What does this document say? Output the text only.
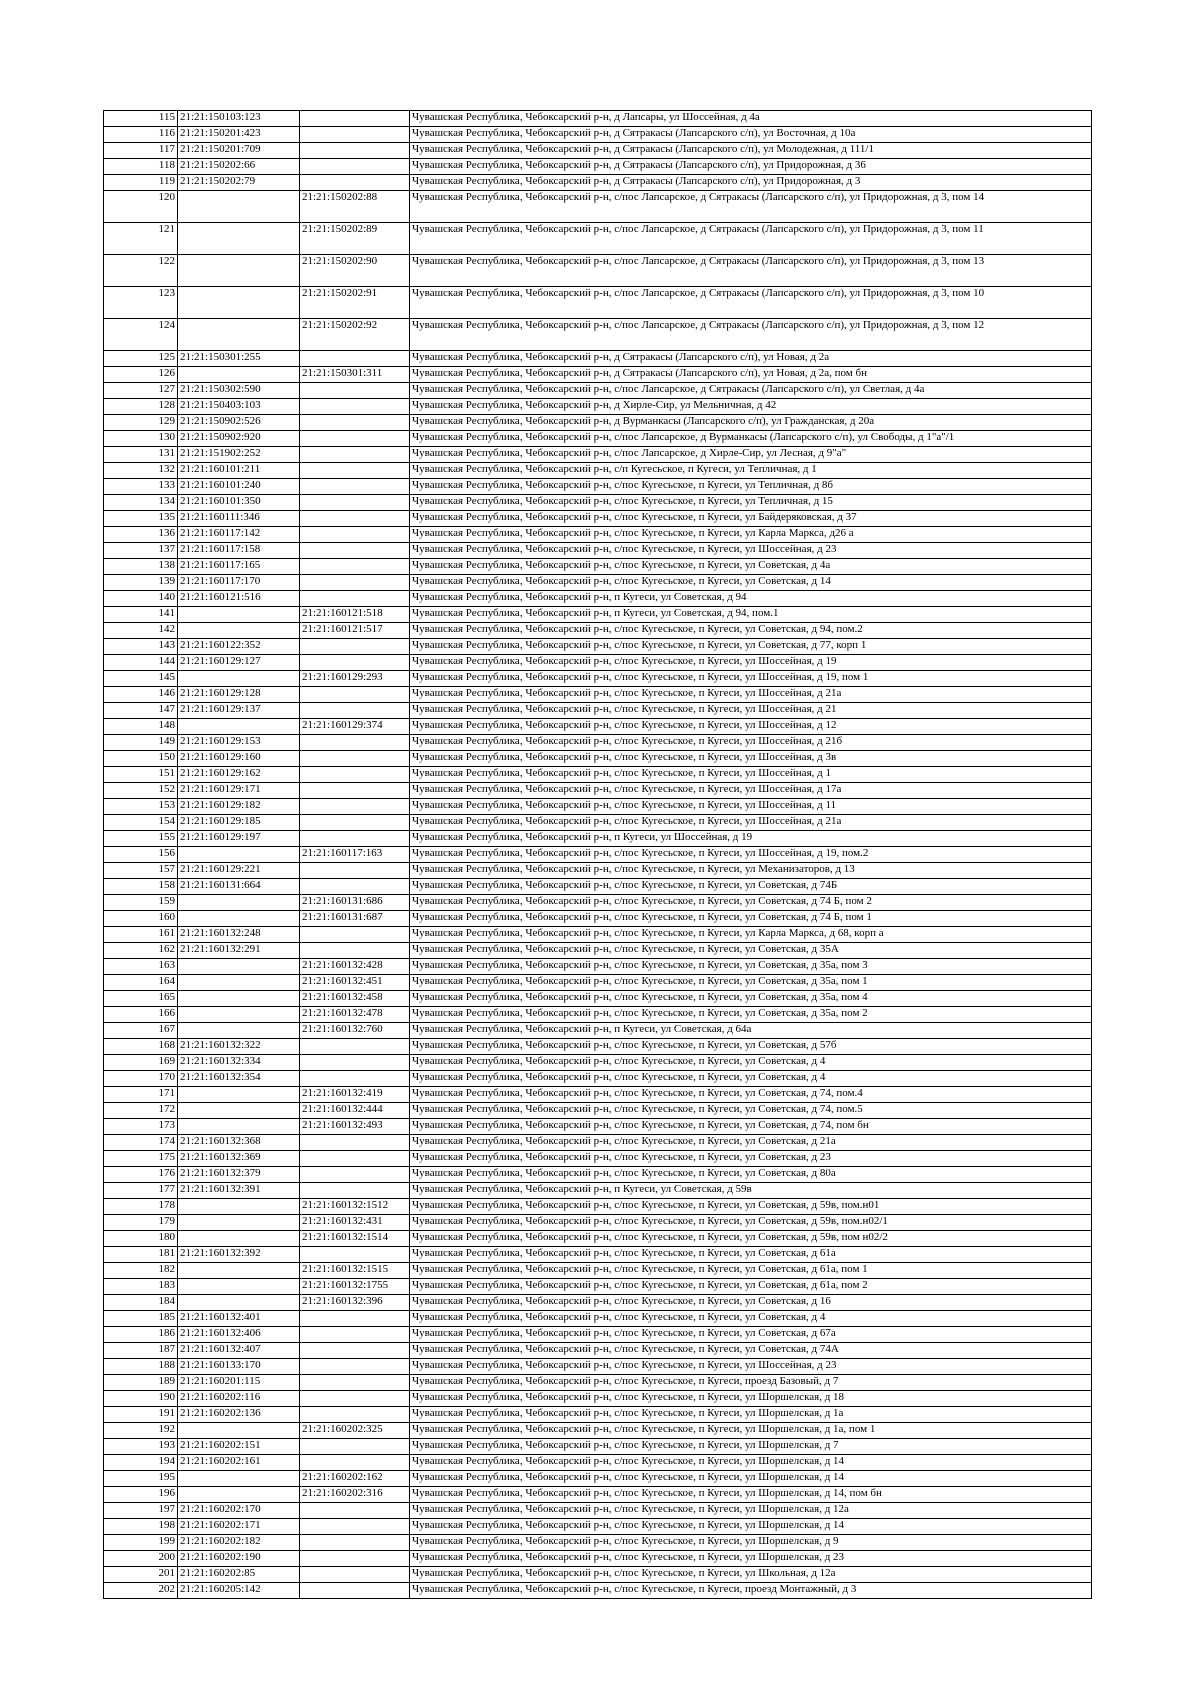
115	21:21:150103:123		Чувашская Республика, Чебоксарский р-н, д Лапсары, ул Шоссейная, д 4а
116	21:21:150201:423		Чувашская Республика, Чебоксарский р-н, д Сятракасы (Лапсарского с/п), ул Восточная, д 10а
117	21:21:150201:709		Чувашская Республика, Чебоксарский р-н, д Сятракасы (Лапсарского с/п), ул Молодежная, д 111/1
118	21:21:150202:66		Чувашская Республика, Чебоксарский р-н, д Сятракасы (Лапсарского с/п), ул Придорожная, д 36
119	21:21:150202:79		Чувашская Республика, Чебоксарский р-н, д Сятракасы (Лапсарского с/п), ул Придорожная, д 3
120		21:21:150202:88	Чувашская Республика, Чебоксарский р-н, с/пос Лапсарское, д Сятракасы (Лапсарского с/п), ул Придорожная, д 3, пом 14
121		21:21:150202:89	Чувашская Республика, Чебоксарский р-н, с/пос Лапсарское, д Сятракасы (Лапсарского с/п), ул Придорожная, д 3, пом 11
122		21:21:150202:90	Чувашская Республика, Чебоксарский р-н, с/пос Лапсарское, д Сятракасы (Лапсарского с/п), ул Придорожная, д 3, пом 13
123		21:21:150202:91	Чувашская Республика, Чебоксарский р-н, с/пос Лапсарское, д Сятракасы (Лапсарского с/п), ул Придорожная, д 3, пом 10
124		21:21:150202:92	Чувашская Республика, Чебоксарский р-н, с/пос Лапсарское, д Сятракасы (Лапсарского с/п), ул Придорожная, д 3, пом 12
125	21:21:150301:255		Чувашская Республика, Чебоксарский р-н, д Сятракасы (Лапсарского с/п), ул Новая, д 2а
126		21:21:150301:311	Чувашская Республика, Чебоксарский р-н, д Сятракасы (Лапсарского с/п), ул Новая, д 2а, пом бн
127	21:21:150302:590		Чувашская Республика, Чебоксарский р-н, с/пос Лапсарское, д Сятракасы (Лапсарского с/п), ул Светлая, д 4а
128	21:21:150403:103		Чувашская Республика, Чебоксарский р-н, д Хирле-Сир, ул Мельничная, д 42
129	21:21:150902:526		Чувашская Республика, Чебоксарский р-н, д Вурманкасы (Лапсарского с/п), ул Гражданская, д 20а
130	21:21:150902:920		Чувашская Республика, Чебоксарский р-н, с/пос Лапсарское, д Вурманкасы (Лапсарского с/п), ул Свободы, д 1"а"/1
131	21:21:151902:252		Чувашская Республика, Чебоксарский р-н, с/пос Лапсарское, д Хирле-Сир, ул Лесная, д 9"а"
132	21:21:160101:211		Чувашская Республика, Чебоксарский р-н, с/п Кугесьское, п Кугеси, ул Тепличная, д 1
133	21:21:160101:240		Чувашская Республика, Чебоксарский р-н, с/пос Кугесьское, п Кугеси, ул Тепличная, д 8б
134	21:21:160101:350		Чувашская Республика, Чебоксарский р-н, с/пос Кугесьское, п Кугеси, ул Тепличная, д 15
135	21:21:160111:346		Чувашская Республика, Чебоксарский р-н, с/пос Кугесьское, п Кугеси, ул Байдеряковская, д 37
136	21:21:160117:142		Чувашская Республика, Чебоксарский р-н, с/пос Кугесьское, п Кугеси, ул Карла Маркса, д26 а
137	21:21:160117:158		Чувашская Республика, Чебоксарский р-н, с/пос Кугесьское, п Кугеси, ул Шоссейная, д 23
138	21:21:160117:165		Чувашская Республика, Чебоксарский р-н, с/пос Кугесьское, п Кугеси, ул Советская, д 4а
139	21:21:160117:170		Чувашская Республика, Чебоксарский р-н, с/пос Кугесьское, п Кугеси, ул Советская, д 14
140	21:21:160121:516		Чувашская Республика, Чебоксарский р-н, п Кугеси, ул Советская, д 94
141		21:21:160121:518	Чувашская Республика, Чебоксарский р-н, п Кугеси, ул Советская, д 94, пом.1
142		21:21:160121:517	Чувашская Республика, Чебоксарский р-н, с/пос Кугесьское, п Кугеси, ул Советская, д 94, пом.2
143	21:21:160122:352		Чувашская Республика, Чебоксарский р-н, с/пос Кугесьское, п Кугеси, ул Советская, д 77, корп 1
144	21:21:160129:127		Чувашская Республика, Чебоксарский р-н, с/пос Кугесьское, п Кугеси, ул Шоссейная, д 19
145		21:21:160129:293	Чувашская Республика, Чебоксарский р-н, с/пос Кугесьское, п Кугеси, ул Шоссейная, д 19, пом 1
146	21:21:160129:128		Чувашская Республика, Чебоксарский р-н, с/пос Кугесьское, п Кугеси, ул Шоссейная, д 21а
147	21:21:160129:137		Чувашская Республика, Чебоксарский р-н, с/пос Кугесьское, п Кугеси, ул Шоссейная, д 21
148		21:21:160129:374	Чувашская Республика, Чебоксарский р-н, с/пос Кугесьское, п Кугеси, ул Шоссейная, д 12
149	21:21:160129:153		Чувашская Республика, Чебоксарский р-н, с/пос Кугесьское, п Кугеси, ул Шоссейная, д 21б
150	21:21:160129:160		Чувашская Республика, Чебоксарский р-н, с/пос Кугесьское, п Кугеси, ул Шоссейная, д 3в
151	21:21:160129:162		Чувашская Республика, Чебоксарский р-н, с/пос Кугесьское, п Кугеси, ул Шоссейная, д 1
152	21:21:160129:171		Чувашская Республика, Чебоксарский р-н, с/пос Кугесьское, п Кугеси, ул Шоссейная, д 17а
153	21:21:160129:182		Чувашская Республика, Чебоксарский р-н, с/пос Кугесьское, п Кугеси, ул Шоссейная, д 11
154	21:21:160129:185		Чувашская Республика, Чебоксарский р-н, с/пос Кугесьское, п Кугеси, ул Шоссейная, д 21а
155	21:21:160129:197		Чувашская Республика, Чебоксарский р-н, п Кугеси, ул Шоссейная, д 19
156		21:21:160117:163	Чувашская Республика, Чебоксарский р-н, с/пос Кугесьское, п Кугеси, ул Шоссейная, д 19, пом.2
157	21:21:160129:221		Чувашская Республика, Чебоксарский р-н, с/пос Кугесьское, п Кугеси, ул Механизаторов, д 13
158	21:21:160131:664		Чувашская Республика, Чебоксарский р-н, с/пос Кугесьское, п Кугеси, ул Советская, д 74Б
159		21:21:160131:686	Чувашская Республика, Чебоксарский р-н, с/пос Кугесьское, п Кугеси, ул Советская, д 74 Б, пом 2
160		21:21:160131:687	Чувашская Республика, Чебоксарский р-н, с/пос Кугесьское, п Кугеси, ул Советская, д 74 Б, пом 1
161	21:21:160132:248		Чувашская Республика, Чебоксарский р-н, с/пос Кугесьское, п Кугеси, ул Карла Маркса, д 68, корп а
162	21:21:160132:291		Чувашская Республика, Чебоксарский р-н, с/пос Кугесьское, п Кугеси, ул Советская, д 35А
163		21:21:160132:428	Чувашская Республика, Чебоксарский р-н, с/пос Кугесьское, п Кугеси, ул Советская, д 35а, пом 3
164		21:21:160132:451	Чувашская Республика, Чебоксарский р-н, с/пос Кугесьское, п Кугеси, ул Советская, д 35а, пом 1
165		21:21:160132:458	Чувашская Республика, Чебоксарский р-н, с/пос Кугесьское, п Кугеси, ул Советская, д 35а, пом 4
166		21:21:160132:478	Чувашская Республика, Чебоксарский р-н, с/пос Кугесьское, п Кугеси, ул Советская, д 35а, пом 2
167		21:21:160132:760	Чувашская Республика, Чебоксарский р-н, п Кугеси, ул Советская, д 64а
168	21:21:160132:322		Чувашская Республика, Чебоксарский р-н, с/пос Кугесьское, п Кугеси, ул Советская, д 57б
169	21:21:160132:334		Чувашская Республика, Чебоксарский р-н, с/пос Кугесьское, п Кугеси, ул Советская, д 4
170	21:21:160132:354		Чувашская Республика, Чебоксарский р-н, с/пос Кугесьское, п Кугеси, ул Советская, д 4
171		21:21:160132:419	Чувашская Республика, Чебоксарский р-н, с/пос Кугесьское, п Кугеси, ул Советская, д 74, пом.4
172		21:21:160132:444	Чувашская Республика, Чебоксарский р-н, с/пос Кугесьское, п Кугеси, ул Советская, д 74, пом.5
173		21:21:160132:493	Чувашская Республика, Чебоксарский р-н, с/пос Кугесьское, п Кугеси, ул Советская, д 74, пом бн
174	21:21:160132:368		Чувашская Республика, Чебоксарский р-н, с/пос Кугесьское, п Кугеси, ул Советская, д 21а
175	21:21:160132:369		Чувашская Республика, Чебоксарский р-н, с/пос Кугесьское, п Кугеси, ул Советская, д 23
176	21:21:160132:379		Чувашская Республика, Чебоксарский р-н, с/пос Кугесьское, п Кугеси, ул Советская, д 80а
177	21:21:160132:391		Чувашская Республика, Чебоксарский р-н, п Кугеси, ул Советская, д 59в
178		21:21:160132:1512	Чувашская Республика, Чебоксарский р-н, с/пос Кугесьское, п Кугеси, ул Советская, д 59в, пом.н01
179		21:21:160132:431	Чувашская Республика, Чебоксарский р-н, с/пос Кугесьское, п Кугеси, ул Советская, д 59в, пом.н02/1
180		21:21:160132:1514	Чувашская Республика, Чебоксарский р-н, с/пос Кугесьское, п Кугеси, ул Советская, д 59в, пом н02/2
181	21:21:160132:392		Чувашская Республика, Чебоксарский р-н, с/пос Кугесьское, п Кугеси, ул Советская, д 61а
182		21:21:160132:1515	Чувашская Республика, Чебоксарский р-н, с/пос Кугесьское, п Кугеси, ул Советская, д 61а, пом 1
183		21:21:160132:1755	Чувашская Республика, Чебоксарский р-н, с/пос Кугесьское, п Кугеси, ул Советская, д 61а, пом 2
184		21:21:160132:396	Чувашская Республика, Чебоксарский р-н, с/пос Кугесьское, п Кугеси, ул Советская, д 16
185	21:21:160132:401		Чувашская Республика, Чебоксарский р-н, с/пос Кугесьское, п Кугеси, ул Советская, д 4
186	21:21:160132:406		Чувашская Республика, Чебоксарский р-н, с/пос Кугесьское, п Кугеси, ул Советская, д 67а
187	21:21:160132:407		Чувашская Республика, Чебоксарский р-н, с/пос Кугесьское, п Кугеси, ул Советская, д 74А
188	21:21:160133:170		Чувашская Республика, Чебоксарский р-н, с/пос Кугесьское, п Кугеси, ул Шоссейная, д 23
189	21:21:160201:115		Чувашская Республика, Чебоксарский р-н, с/пос Кугесьское, п Кугеси, проезд Базовый, д 7
190	21:21:160202:116		Чувашская Республика, Чебоксарский р-н, с/пос Кугесьское, п Кугеси, ул Шоршелская, д 18
191	21:21:160202:136		Чувашская Республика, Чебоксарский р-н, с/пос Кугесьское, п Кугеси, ул Шоршелская, д 1а
192		21:21:160202:325	Чувашская Республика, Чебоксарский р-н, с/пос Кугесьское, п Кугеси, ул Шоршелская, д 1а, пом 1
193	21:21:160202:151		Чувашская Республика, Чебоксарский р-н, с/пос Кугесьское, п Кугеси, ул Шоршелская, д 7
194	21:21:160202:161		Чувашская Республика, Чебоксарский р-н, с/пос Кугесьское, п Кугеси, ул Шоршелская, д 14
195		21:21:160202:162	Чувашская Республика, Чебоксарский р-н, с/пос Кугесьское, п Кугеси, ул Шоршелская, д 14
196		21:21:160202:316	Чувашская Республика, Чебоксарский р-н, с/пос Кугесьское, п Кугеси, ул Шоршелская, д 14, пом бн
197	21:21:160202:170		Чувашская Республика, Чебоксарский р-н, с/пос Кугесьское, п Кугеси, ул Шоршелская, д 12а
198	21:21:160202:171		Чувашская Республика, Чебоксарский р-н, с/пос Кугесьское, п Кугеси, ул Шоршелская, д 14
199	21:21:160202:182		Чувашская Республика, Чебоксарский р-н, с/пос Кугесьское, п Кугеси, ул Шоршелская, д 9
200	21:21:160202:190		Чувашская Республика, Чебоксарский р-н, с/пос Кугесьское, п Кугеси, ул Шоршелская, д 23
201	21:21:160202:85		Чувашская Республика, Чебоксарский р-н, с/пос Кугесьское, п Кугеси, ул Школьная, д 12а
202	21:21:160205:142		Чувашская Республика, Чебоксарский р-н, с/пос Кугесьское, п Кугеси, проезд Монтажный, д 3
